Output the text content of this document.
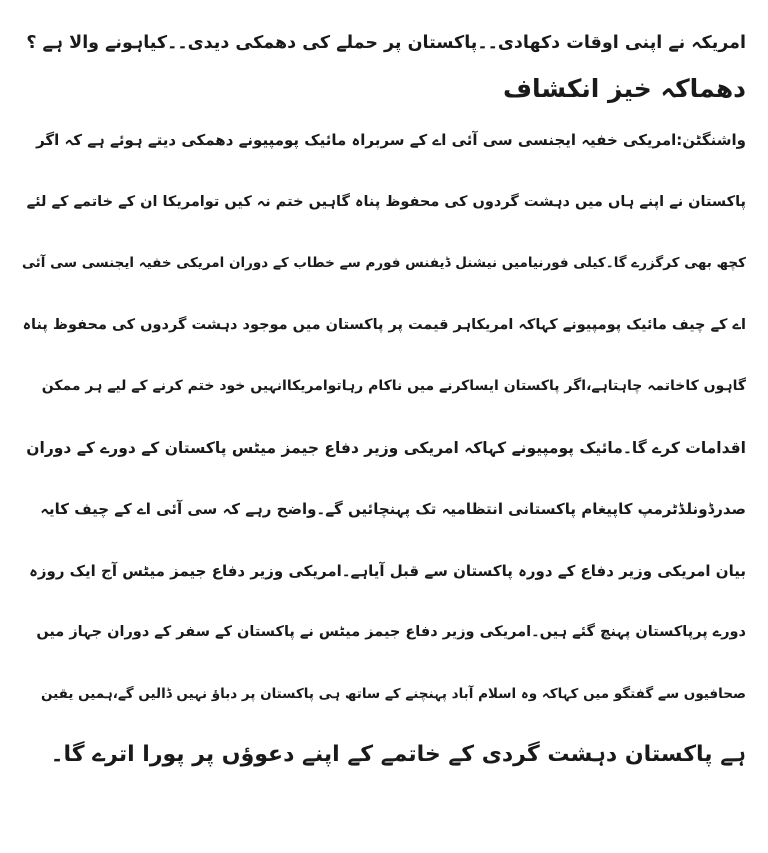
امریکہ نے اپنی اوقات دکھادی۔۔پاکستان پر حملے کی دھمکی دیدی۔۔کیاہونے والا ہے ؟
دھماکہ خیز انکشاف
واشنگٹن:امریکی خفیہ ایجنسی سی آئی اے کے سربراہ مائیک پومپیونے دھمکی دیتے ہوئے ہے کہ اگر
پاکستان نے اپنے ہاں میں دہشت گردوں کی محفوظ پناہ گاہیں ختم نہ کیں توامریکا ان کے خاتمے کے لئے
کچھ بھی کرگزرے گا۔کیلی فورنیامیں نیشنل ڈیفنس فورم سے خطاب کے دوران امریکی خفیہ ایجنسی سی آئی
اے کے چیف مائیک پومپیونے کہاکہ امریکاہر قیمت پر پاکستان میں موجود دہشت گردوں کی محفوظ پناہ
گاہوں کاخاتمہ چاہتاہے،اگر پاکستان ایساکرنے میں ناکام رہاتوامریکاانہیں خود ختم کرنے کے لیے ہر ممکن
اقدامات کرے گا۔مائیک پومپیونے کہاکہ امریکی وزیر دفاع جیمز میٹس پاکستان کے دورے کے دوران
صدرڈونلڈٹرمپ کاپیغام پاکستانی انتظامیہ تک پہنچائیں گے۔واضح رہے کہ سی آئی اے کے چیف کایہ
بیان امریکی وزیر دفاع کے دورہ پاکستان سے قبل آیاہے۔امریکی وزیر دفاع جیمز میٹس آج ایک روزہ
دورے پرپاکستان پہنچ گئے ہیں۔امریکی وزیر دفاع جیمز میٹس نے پاکستان کے سفر کے دوران جہاز میں
صحافیوں سے گفتگو میں کہاکہ وہ اسلام آباد پہنچنے کے ساتھ ہی پاکستان پر دباؤ نہیں ڈالیں گے،ہمیں یقین
ہے پاکستان دہشت گردی کے خاتمے کے اپنے دعوؤں پر پورا اترے گا۔
